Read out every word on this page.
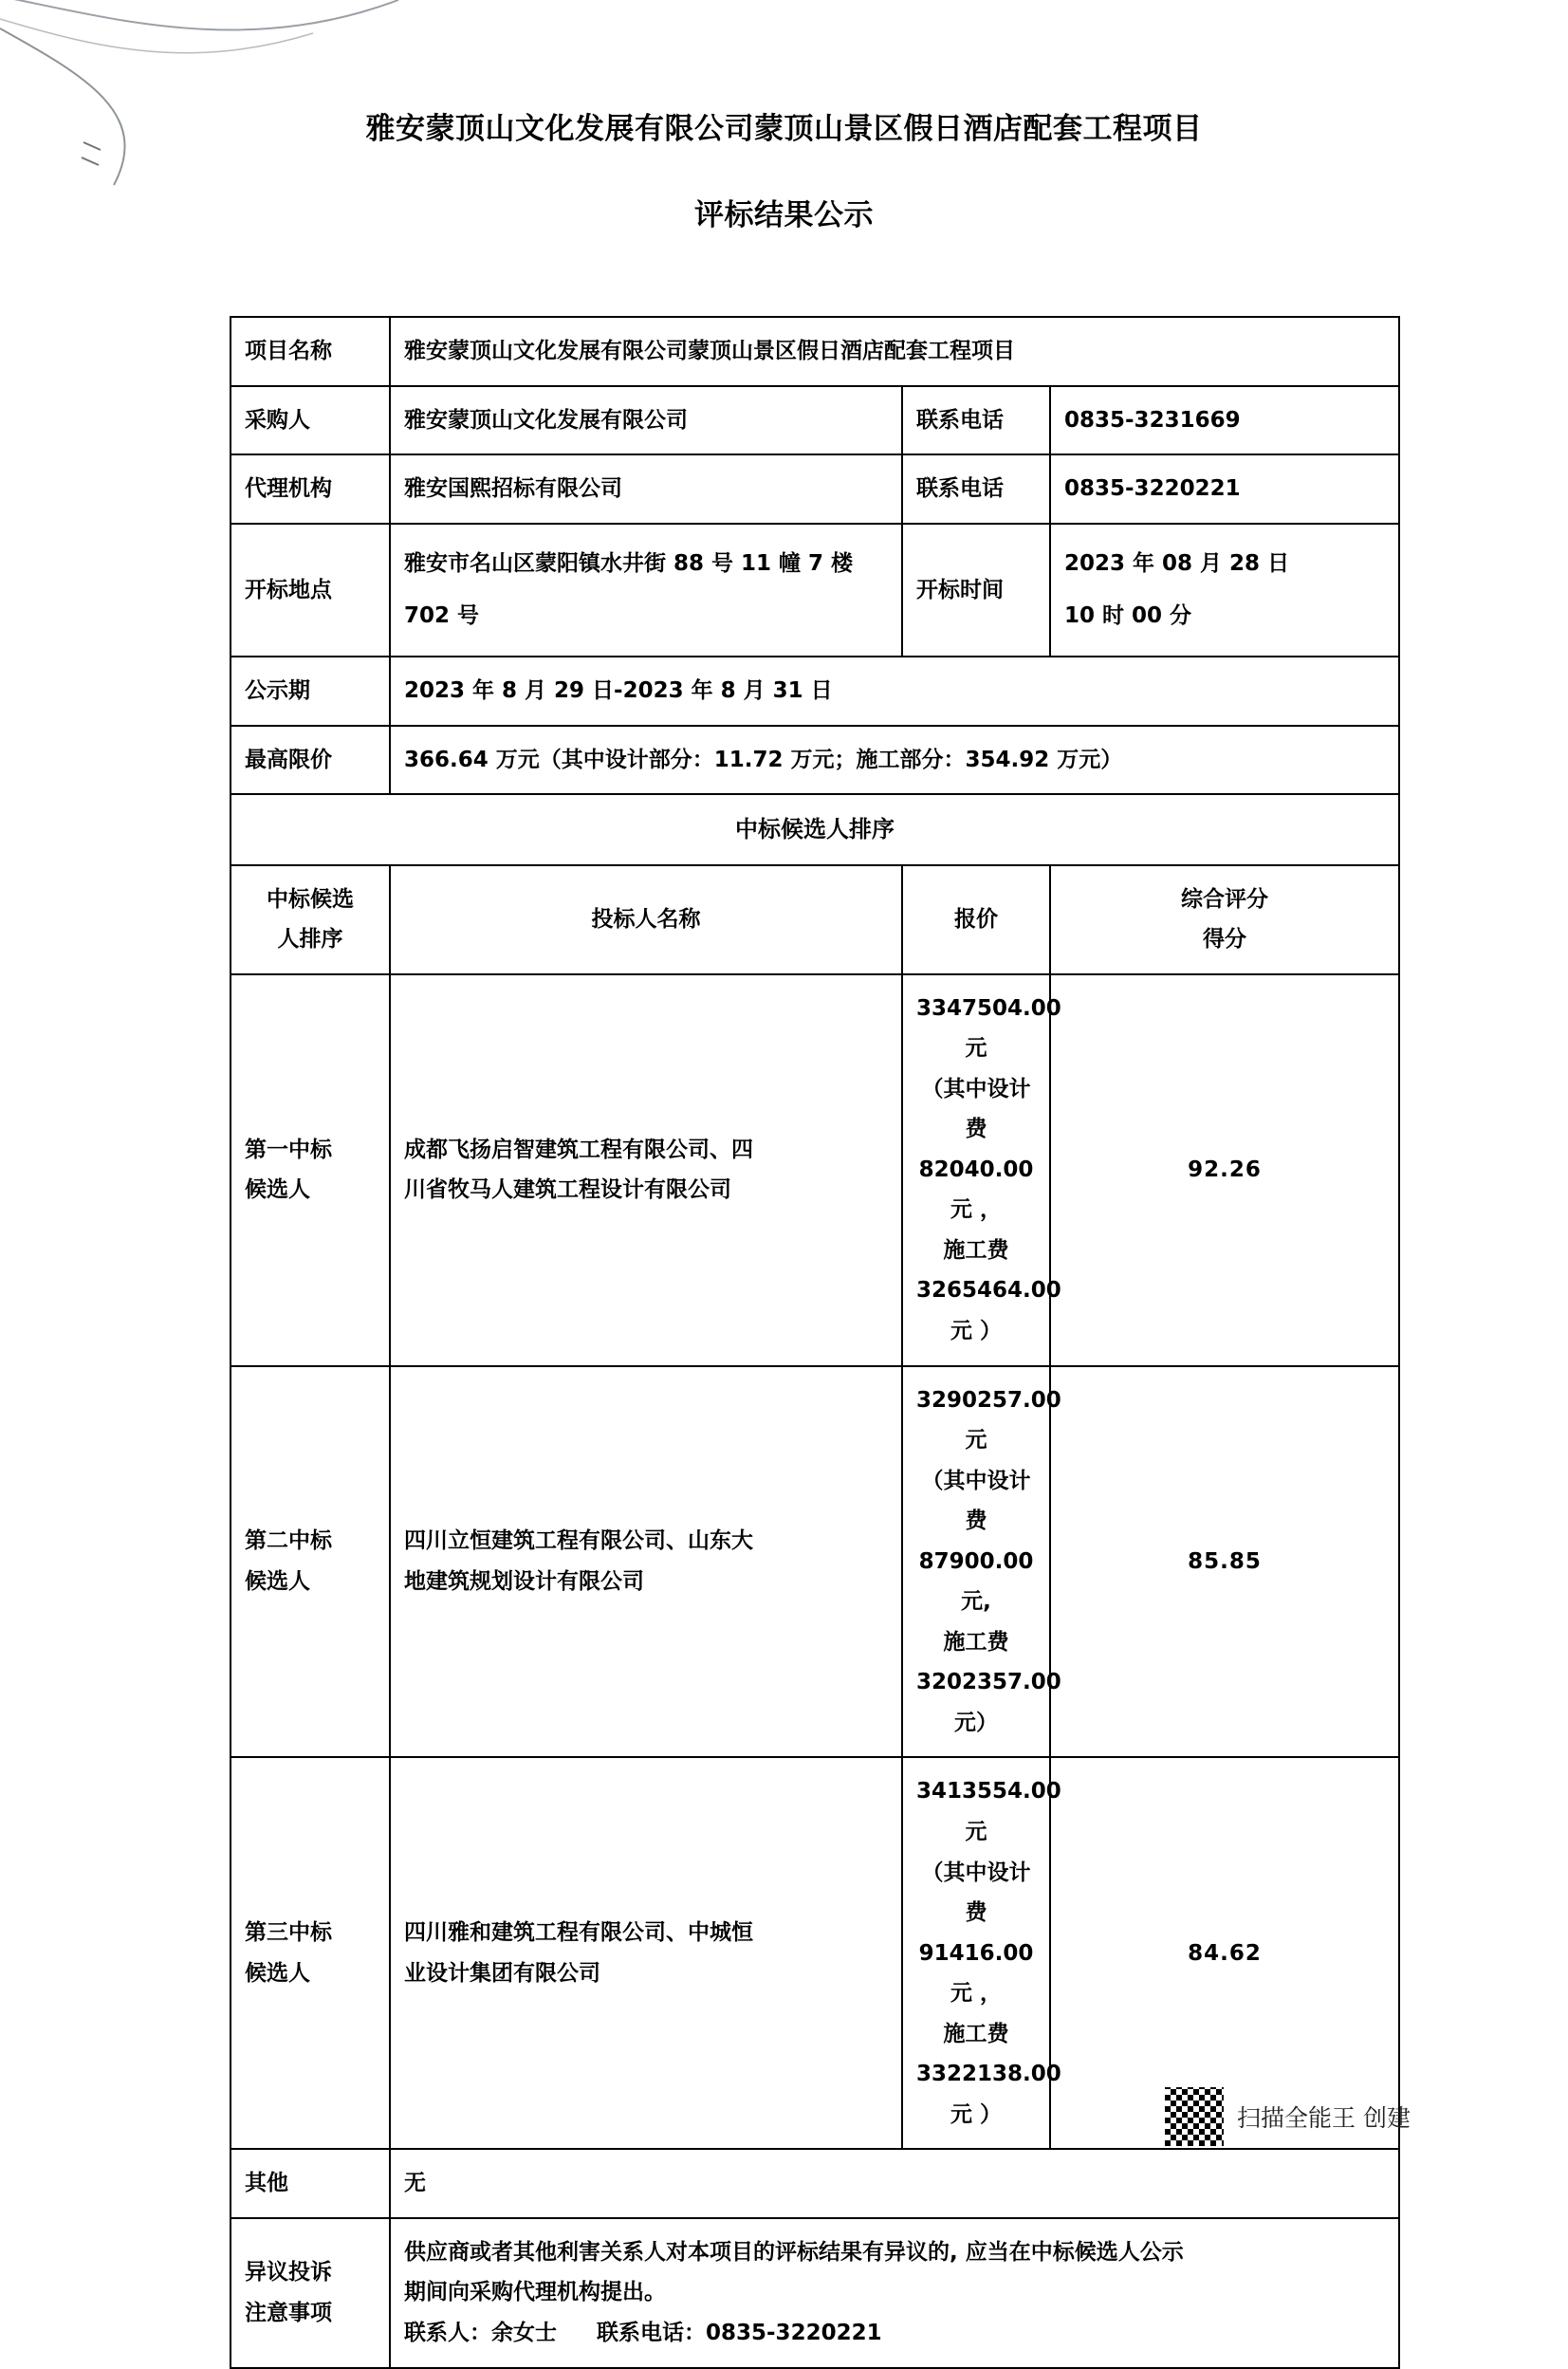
雅安蒙顶山文化发展有限公司蒙顶山景区假日酒店配套工程项目
评标结果公示
项目名称	雅安蒙顶山文化发展有限公司蒙顶山景区假日酒店配套工程项目		
采购人	雅安蒙顶山文化发展有限公司	联系电话	0835-3231669
代理机构	雅安国熙招标有限公司	联系电话	0835-3220221
开标地点	雅安市名山区蒙阳镇水井街 88 号 11 幢 7 楼 702 号	开标时间	2023 年 08 月 28 日
10 时 00 分

公示期	2023 年 8 月 29 日-2023 年 8 月 31 日		
最高限价	366.64 万元（其中设计部分：11.72 万元；施工部分：354.92 万元）		
中标候选人排序			

中标候选
人排序	投标人名称	报价	综合评分
得分

第一中标
候选人	成都飞扬启智建筑工程有限公司、四
川省牧马人建筑工程设计有限公司	3347504.00 元
（其中设计费 82040.00 元 ，
施工费 3265464.00 元 ）	92.26

第二中标
候选人	四川立恒建筑工程有限公司、山东大
地建筑规划设计有限公司	3290257.00 元
（其中设计费 87900.00 元,
施工费 3202357.00 元）	85.85

第三中标
候选人	四川雅和建筑工程有限公司、中城恒
业设计集团有限公司	3413554.00 元
（其中设计费 91416.00 元 ，
施工费 3322138.00 元 ）	84.62
其他	无		

异议投诉
注意事项	供应商或者其他利害关系人对本项目的评标结果有异议的, 应当在中标候选人公示
期间向采购代理机构提出。
联系人：余女士 联系电话：0835-3220221		
扫描全能王 创建
